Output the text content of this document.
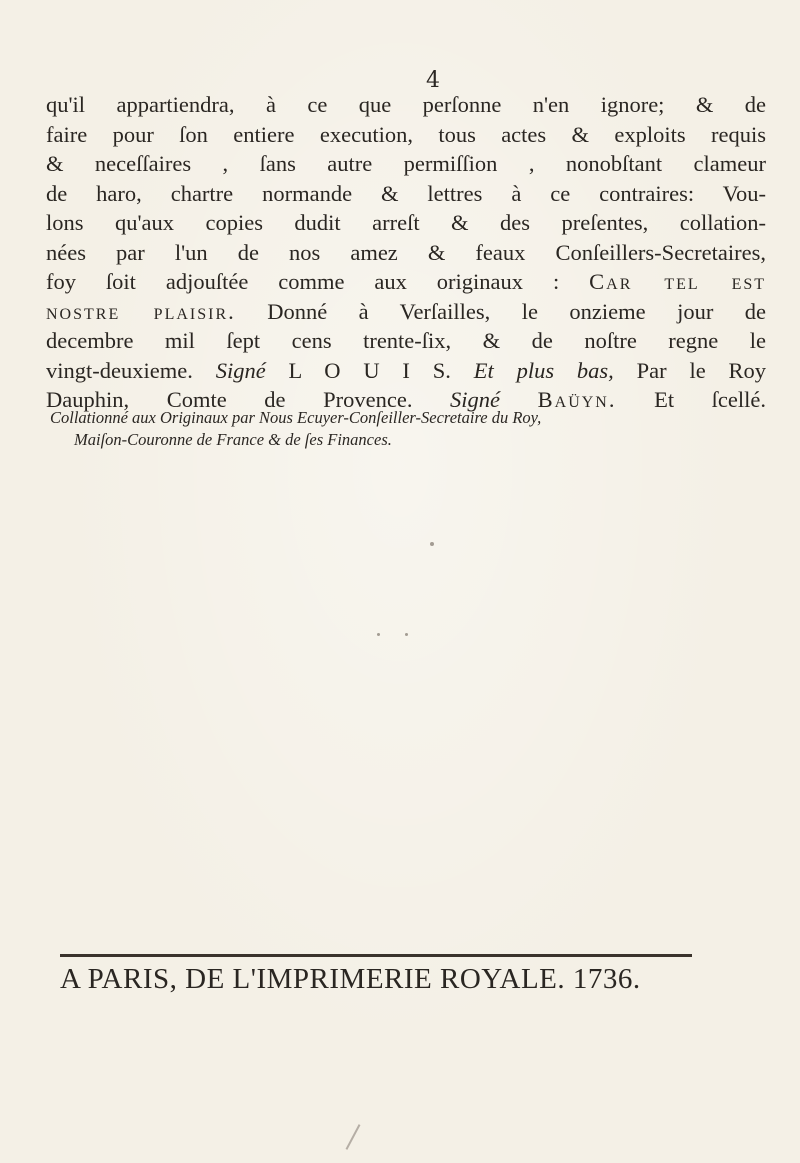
4
qu'il appartiendra, à ce que perſonne n'en ignore; & de
faire pour ſon entiere execution, tous actes & exploits requis
& neceſſaires , ſans autre permiſſion , nonobſtant clameur
de haro, chartre normande & lettres à ce contraires: Vou-
lons qu'aux copies dudit arreſt & des preſentes, collation-
nées par l'un de nos amez & feaux Conſeillers-Secretaires,
foy ſoit adjouſtée comme aux originaux : Car tel est
nostre plaisir. Donné à Verſailles, le onzieme jour de
decembre mil ſept cens trente-ſix, & de noſtre regne le
vingt-deuxieme. Signé L O U I S. Et plus bas, Par le Roy
Dauphin, Comte de Provence. Signé Baüyn. Et ſcellé.
Collationné aux Originaux par Nous Ecuyer-Conſeiller-Secretaire du Roy,
Maiſon-Couronne de France & de ſes Finances.
A PARIS, DE L'IMPRIMERIE ROYALE. 1736.
